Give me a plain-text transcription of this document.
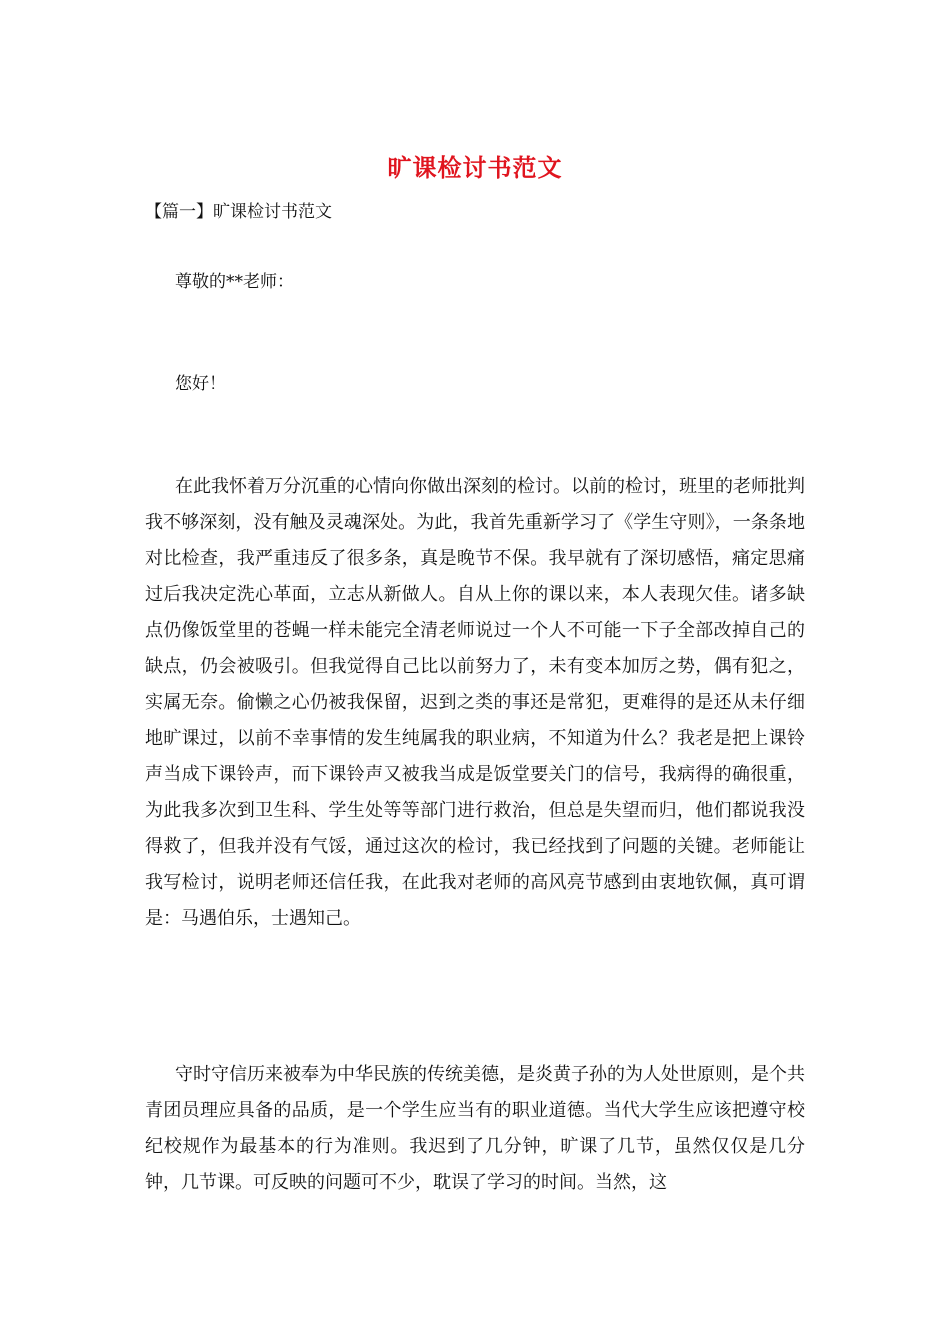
旷课检讨书范文
【篇一】旷课检讨书范文
尊敬的**老师：
您好！

在此我怀着万分沉重的心情向你做出深刻的检讨。以前的检讨，班里的老师批判我不够深刻，没有触及灵魂深处。为此，我首先重新学习了《学生守则》，一条条地对比检查，我严重违反了很多条，真是晚节不保。我早就有了深切感悟，痛定思痛过后我决定洗心革面，立志从新做人。自从上你的课以来，本人表现欠佳。诸多缺点仍像饭堂里的苍蝇一样未能完全清老师说过一个人不可能一下子全部改掉自己的缺点，仍会被吸引。但我觉得自己比以前努力了，未有变本加厉之势，偶有犯之，实属无奈。偷懒之心仍被我保留，迟到之类的事还是常犯，更难得的是还从未仔细地旷课过，以前不幸事情的发生纯属我的职业病，不知道为什么？我老是把上课铃声当成下课铃声，而下课铃声又被我当成是饭堂要关门的信号，我病得的确很重，为此我多次到卫生科、学生处等等部门进行救治，但总是失望而归，他们都说我没得救了，但我并没有气馁，通过这次的检讨，我已经找到了问题的关键。老师能让我写检讨，说明老师还信任我，在此我对老师的高风亮节感到由衷地钦佩，真可谓是：马遇伯乐，士遇知己。

守时守信历来被奉为中华民族的传统美德，是炎黄子孙的为人处世原则，是个共青团员理应具备的品质，是一个学生应当有的职业道德。当代大学生应该把遵守校纪校规作为最基本的行为准则。我迟到了几分钟，旷课了几节，虽然仅仅是几分钟，几节课。可反映的问题可不少，耽误了学习的时间。当然，这
